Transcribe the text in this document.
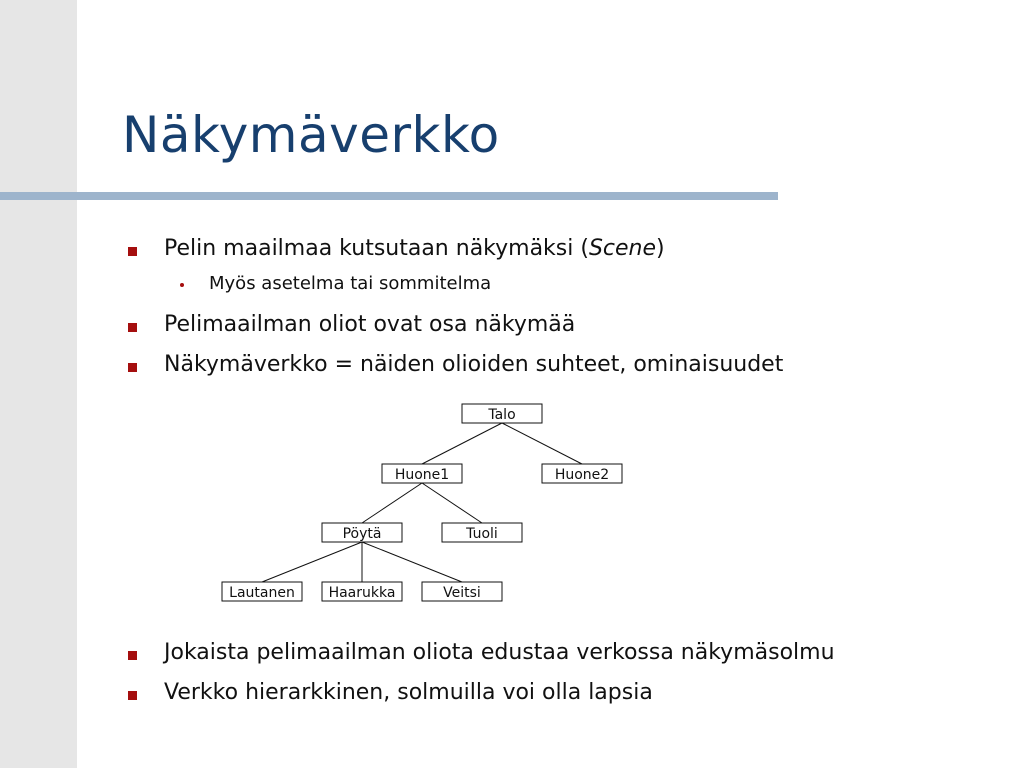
Näkymäverkko
Pelin maailmaa kutsutaan näkymäksi (Scene)
Myös asetelma tai sommitelma
Pelimaailman oliot ovat osa näkymää
Näkymäverkko = näiden olioiden suhteet, ominaisuudet
Talo
Huone1	Huone2
Pöytä	Tuoli
Lautanen Haarukka	Veitsi
Jokaista pelimaailman oliota edustaa verkossa näkymäsolmu
Verkko hierarkkinen, solmuilla voi olla lapsia
